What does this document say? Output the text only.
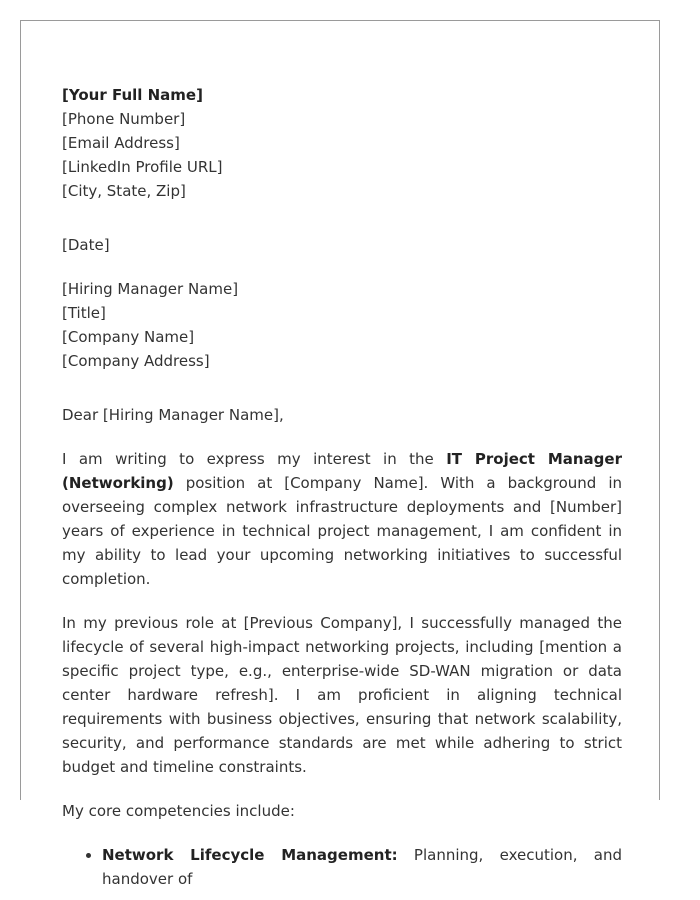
[Your Full Name]
[Phone Number]
[Email Address]
[LinkedIn Profile URL]
[City, State, Zip]
[Date]
[Hiring Manager Name]
[Title]
[Company Name]
[Company Address]
Dear [Hiring Manager Name],

I am writing to express my interest in the IT Project Manager (Networking) position at [Company Name]. With a background in overseeing complex network infrastructure deployments and [Number] years of experience in technical project management, I am confident in my ability to lead your upcoming networking initiatives to successful completion.

In my previous role at [Previous Company], I successfully managed the lifecycle of several high-impact networking projects, including [mention a specific project type, e.g., enterprise-wide SD-WAN migration or data center hardware refresh]. I am proficient in aligning technical requirements with business objectives, ensuring that network scalability, security, and performance standards are met while adhering to strict budget and timeline constraints.

My core competencies include:
• Network Lifecycle Management: Planning, execution, and handover of
